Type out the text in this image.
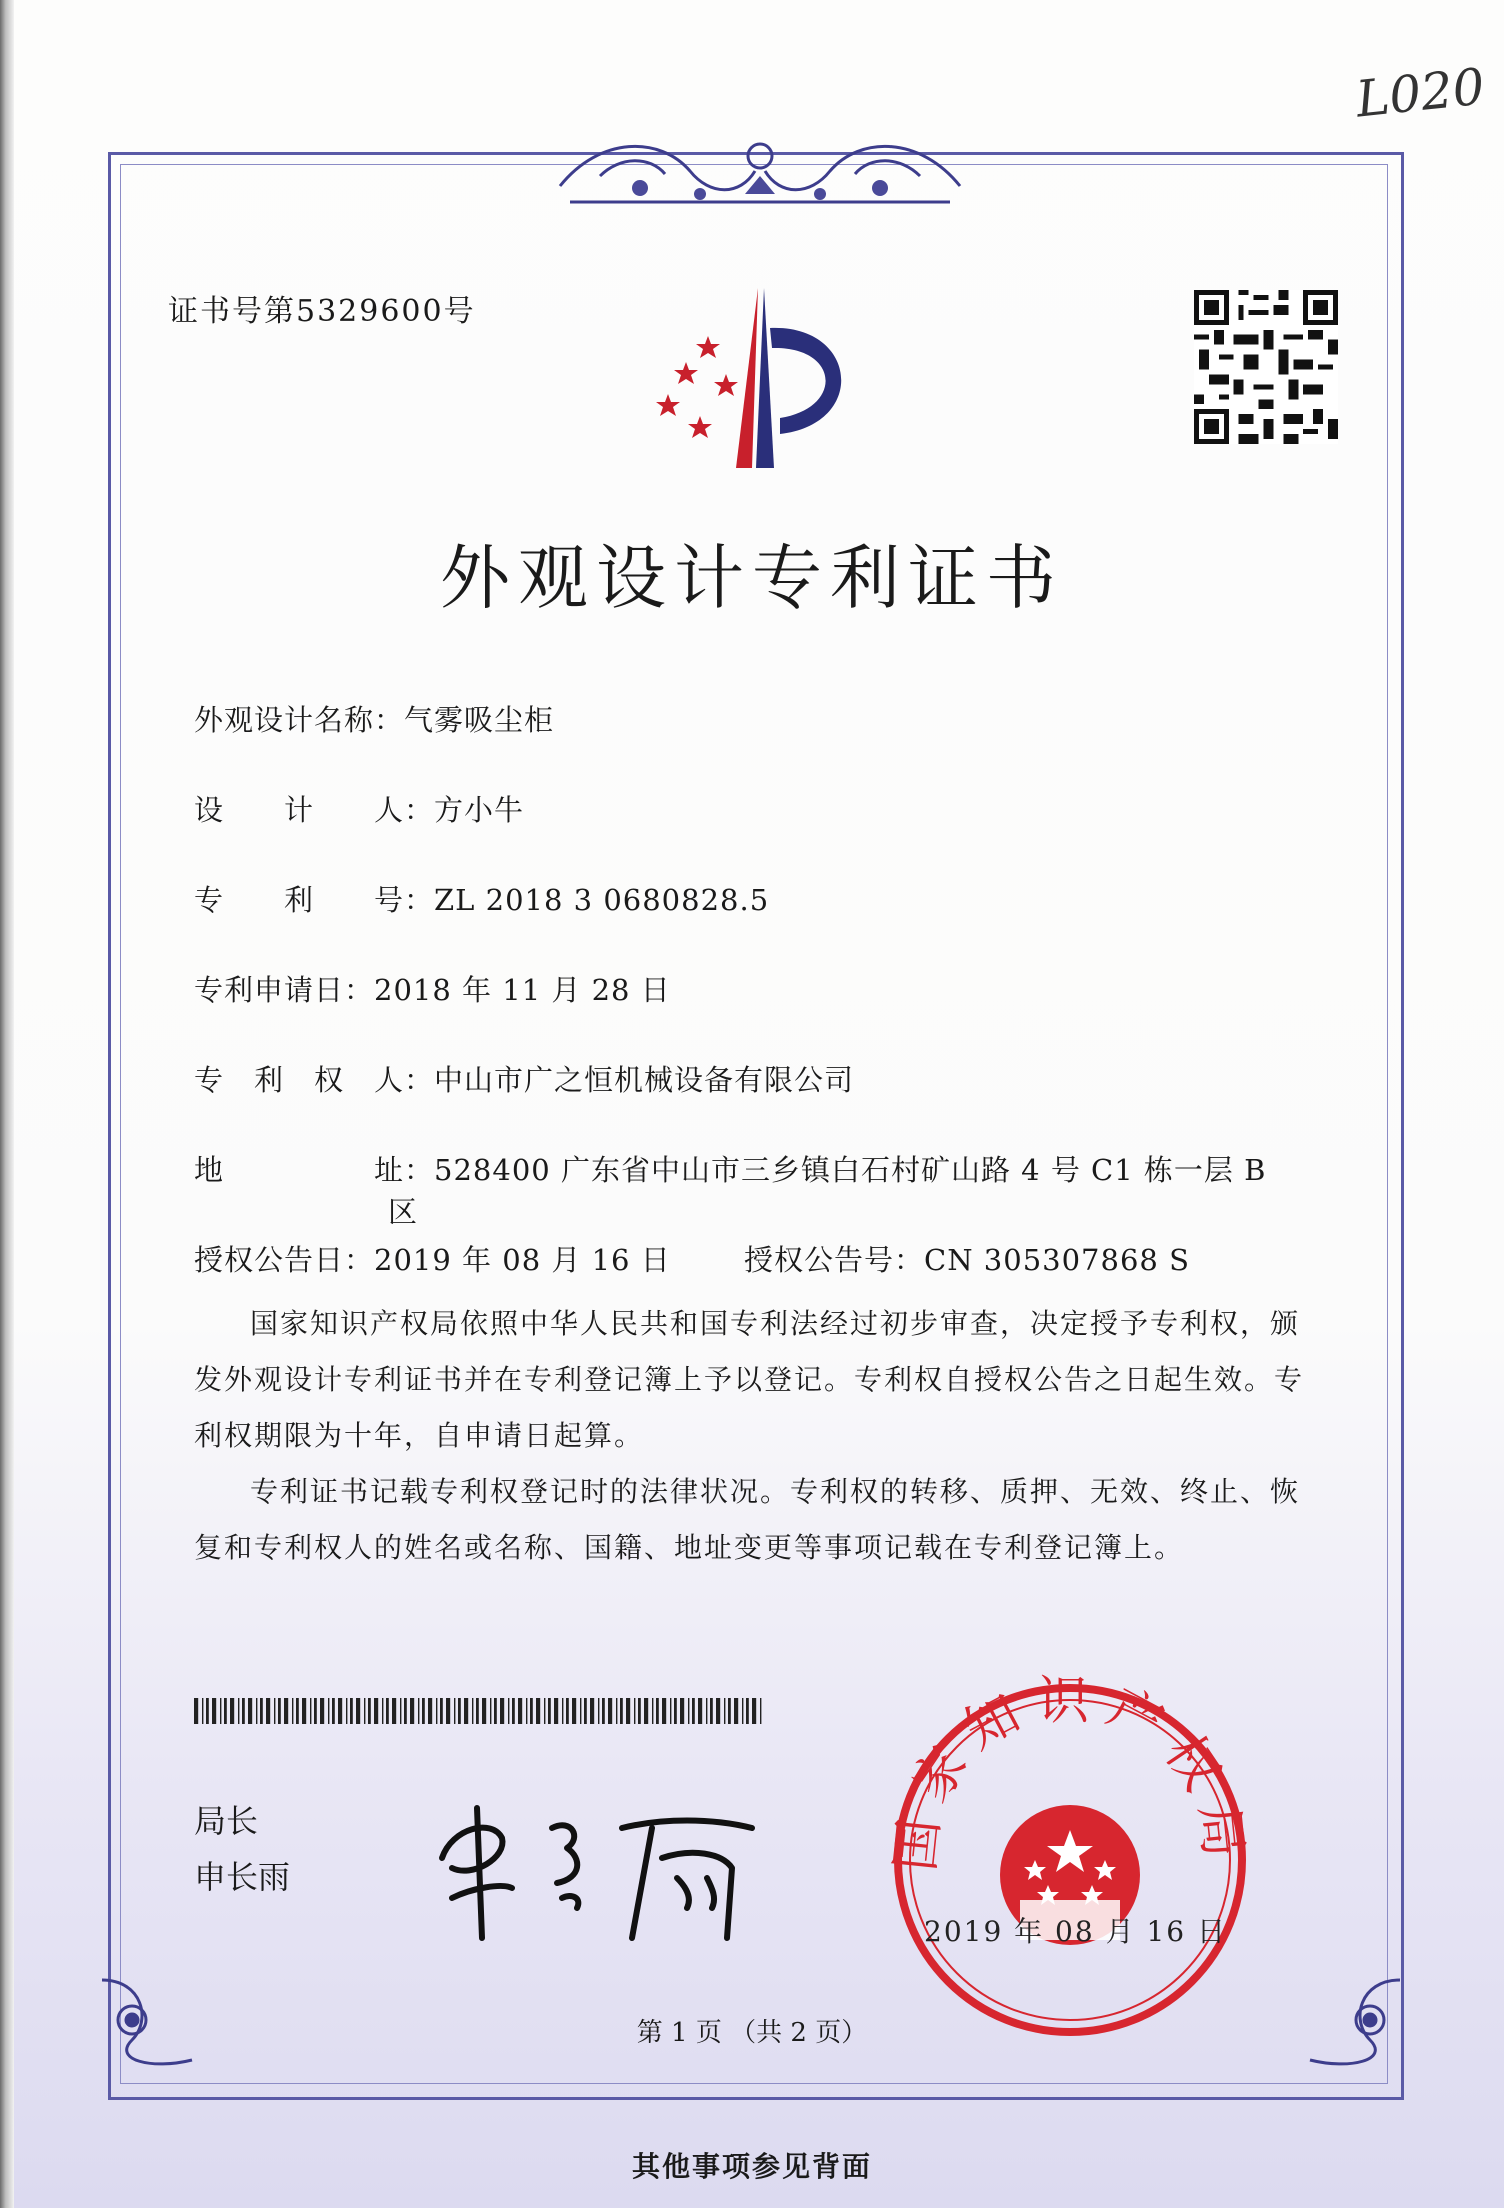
L020
证书号第5329600号
外观设计专利证书
外观设计名称：气雾吸尘柜
设　　计　　人：方小牛
专　　利　　号：ZL 2018 3 0680828.5
专利申请日：2018 年 11 月 28 日
专　利　权　人：中山市广之恒机械设备有限公司
地　　　　　址：528400 广东省中山市三乡镇白石村矿山路 4 号 C1 栋一层 B
区
授权公告日：2019 年 08 月 16 日	授权公告号：CN 305307868 S

国家知识产权局依照中华人民共和国专利法经过初步审查，决定授予专利权，颁发外观设计专利证书并在专利登记簿上予以登记。专利权自授权公告之日起生效。专利权期限为十年，自申请日起算。

专利证书记载专利权登记时的法律状况。专利权的转移、质押、无效、终止、恢复和专利权人的姓名或名称、国籍、地址变更等事项记载在专利登记簿上。

局长
申长雨
国家知识产权局
2019 年 08 月 16 日
第 1 页 （共 2 页）
其他事项参见背面
